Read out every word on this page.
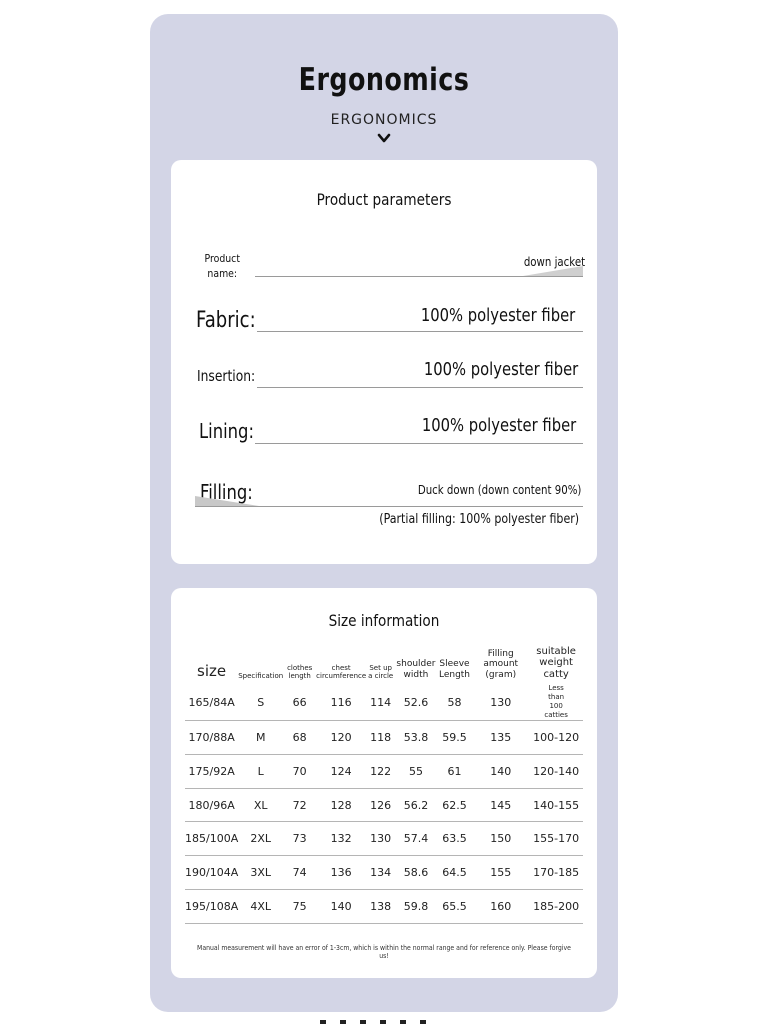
Ergonomics
ERGONOMICS
Product parameters
Product name:
down jacket
Fabric:	100% polyester fiber
Insertion:	100% polyester fiber
Lining:	100% polyester fiber
Filling:	Duck down (down content 90%)
(Partial filling: 100% polyester fiber)
Size information
size	Specification	clothes length	chest circumference	Set up a circle	shoulder width	Sleeve Length	Filling amount (gram)	suitable weight catty
165/84A	S	66	116	114	52.6	58	130	Less than 100 catties
170/88A	M	68	120	118	53.8	59.5	135	100-120
175/92A	L	70	124	122	55	61	140	120-140
180/96A	XL	72	128	126	56.2	62.5	145	140-155
185/100A	2XL	73	132	130	57.4	63.5	150	155-170
190/104A	3XL	74	136	134	58.6	64.5	155	170-185
195/108A	4XL	75	140	138	59.8	65.5	160	185-200
Manual measurement will have an error of 1-3cm, which is within the normal range and for reference only. Please forgive us!
